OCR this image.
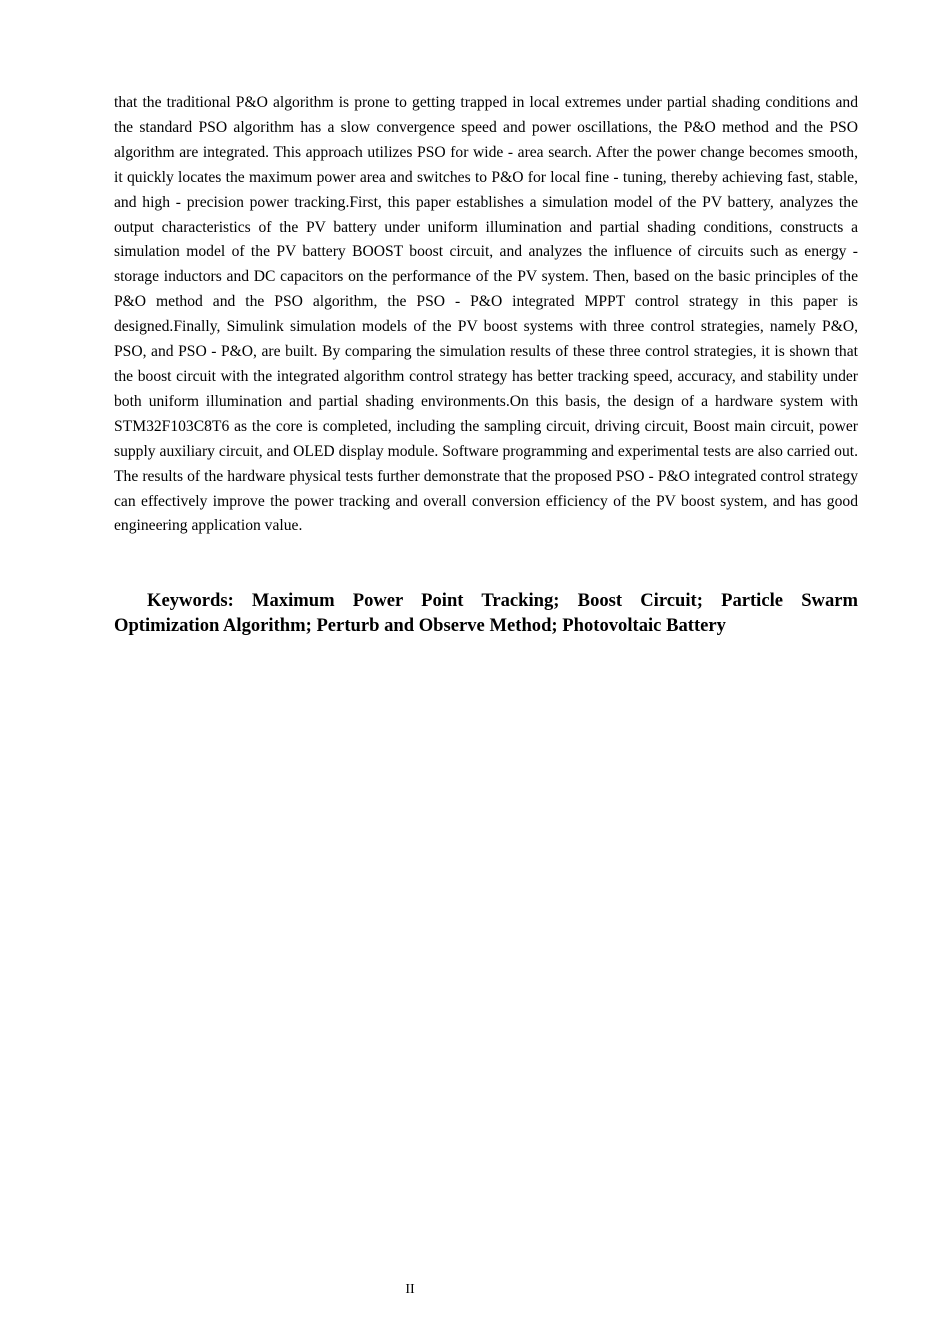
that the traditional P&O algorithm is prone to getting trapped in local extremes under partial shading conditions and the standard PSO algorithm has a slow convergence speed and power oscillations, the P&O method and the PSO algorithm are integrated. This approach utilizes PSO for wide - area search. After the power change becomes smooth, it quickly locates the maximum power area and switches to P&O for local fine - tuning, thereby achieving fast, stable, and high - precision power tracking.First, this paper establishes a simulation model of the PV battery, analyzes the output characteristics of the PV battery under uniform illumination and partial shading conditions, constructs a simulation model of the PV battery BOOST boost circuit, and analyzes the influence of circuits such as energy - storage inductors and DC capacitors on the performance of the PV system. Then, based on the basic principles of the P&O method and the PSO algorithm, the PSO - P&O integrated MPPT control strategy in this paper is designed.Finally, Simulink simulation models of the PV boost systems with three control strategies, namely P&O, PSO, and PSO - P&O, are built. By comparing the simulation results of these three control strategies, it is shown that the boost circuit with the integrated algorithm control strategy has better tracking speed, accuracy, and stability under both uniform illumination and partial shading environments.On this basis, the design of a hardware system with STM32F103C8T6 as the core is completed, including the sampling circuit, driving circuit, Boost main circuit, power supply auxiliary circuit, and OLED display module. Software programming and experimental tests are also carried out. The results of the hardware physical tests further demonstrate that the proposed PSO - P&O integrated control strategy can effectively improve the power tracking and overall conversion efficiency of the PV boost system, and has good engineering application value.

Keywords: Maximum Power Point Tracking; Boost Circuit; Particle Swarm Optimization Algorithm; Perturb and Observe Method; Photovoltaic Battery

II
